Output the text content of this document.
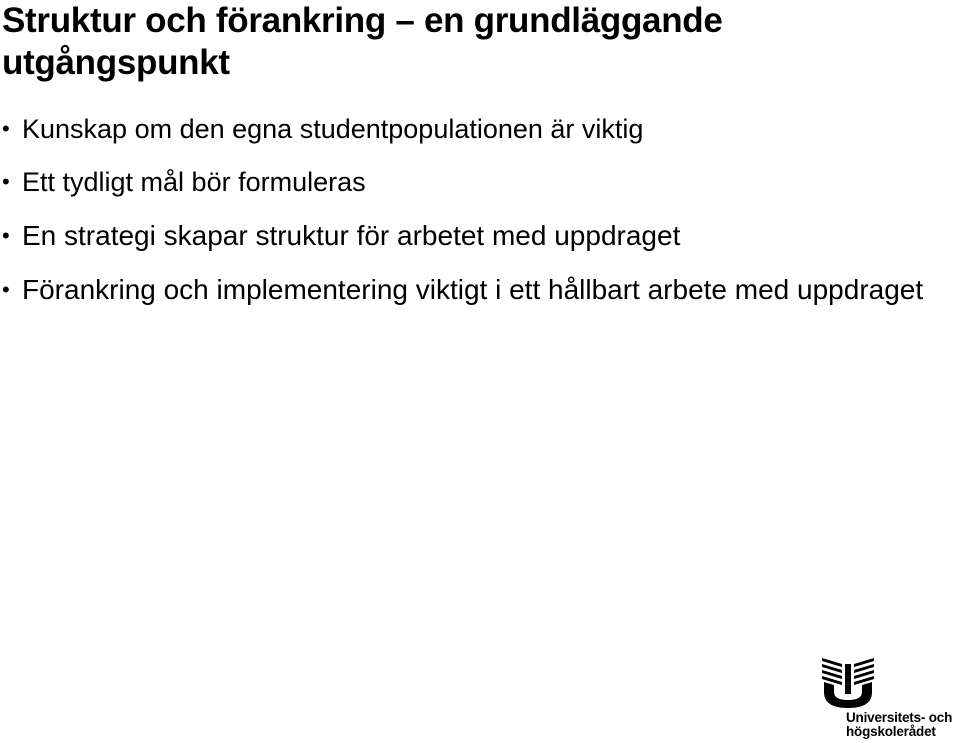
Struktur och förankring – en grundläggande utgångspunkt
• Kunskap om den egna studentpopulationen är viktig
• Ett tydligt mål bör formuleras
• En strategi skapar struktur för arbetet med uppdraget
• Förankring och implementering viktigt i ett hållbart arbete med uppdraget
Universitets- och
högskolerådet
